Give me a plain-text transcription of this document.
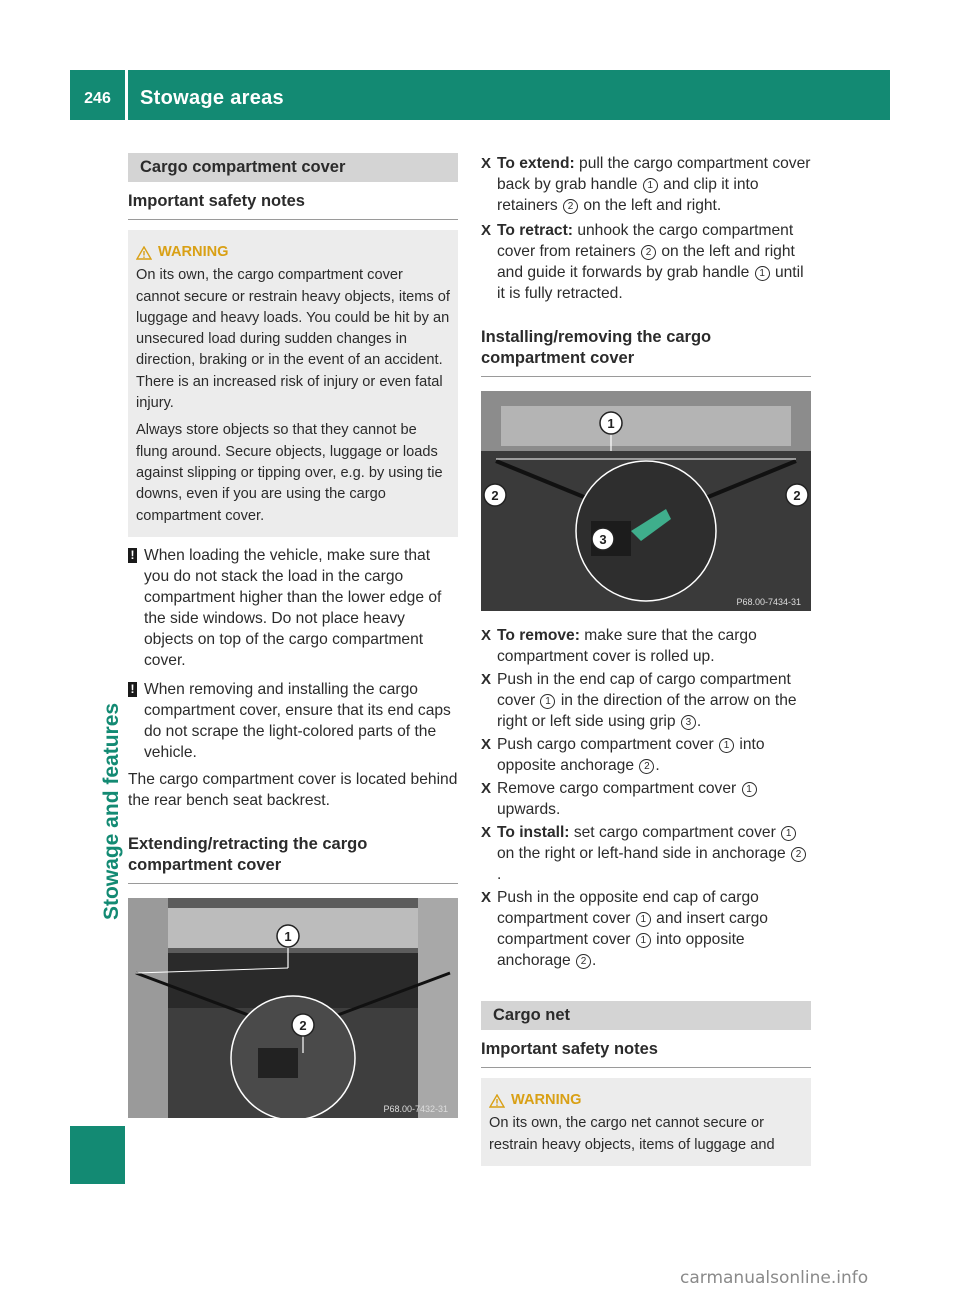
246	Stowage areas
Stowage and features
Cargo compartment cover
Important safety notes
WARNING

On its own, the cargo compartment cover cannot secure or restrain heavy objects, items of luggage and heavy loads. You could be hit by an unsecured load during sudden changes in direction, braking or in the event of an accident. There is an increased risk of injury or even fatal injury.

Always store objects so that they cannot be flung around. Secure objects, luggage or loads against slipping or tipping over, e.g. by using tie downs, even if you are using the cargo compartment cover.

! When loading the vehicle, make sure that you do not stack the load in the cargo compartment higher than the lower edge of the side windows. Do not place heavy objects on top of the cargo compartment cover.
! When removing and installing the cargo compartment cover, ensure that its end caps do not scrape the light-colored parts of the vehicle.
The cargo compartment cover is located behind the rear bench seat backrest.
Extending/retracting the cargo compartment cover
1
2
P68.00-7432-31
X To extend: pull the cargo compartment cover back by grab handle 1 and clip it into retainers 2 on the left and right.
X To retract: unhook the cargo compartment cover from retainers 2 on the left and right and guide it forwards by grab handle 1 until it is fully retracted.
Installing/removing the cargo compartment cover
1
2	2
3
P68.00-7434-31
X To remove: make sure that the cargo compartment cover is rolled up.
X Push in the end cap of cargo compartment cover 1 in the direction of the arrow on the right or left side using grip 3 .
X Push cargo compartment cover 1 into opposite anchorage 2 .
X Remove cargo compartment cover 1 upwards.
X To install: set cargo compartment cover 1 on the right or left-hand side in anchorage 2.
X Push in the opposite end cap of cargo compartment cover 1 and insert cargo compartment cover 1 into opposite anchorage 2 .
Cargo net
Important safety notes
WARNING

On its own, the cargo net cannot secure or restrain heavy objects, items of luggage and

carmanualsonline.info
